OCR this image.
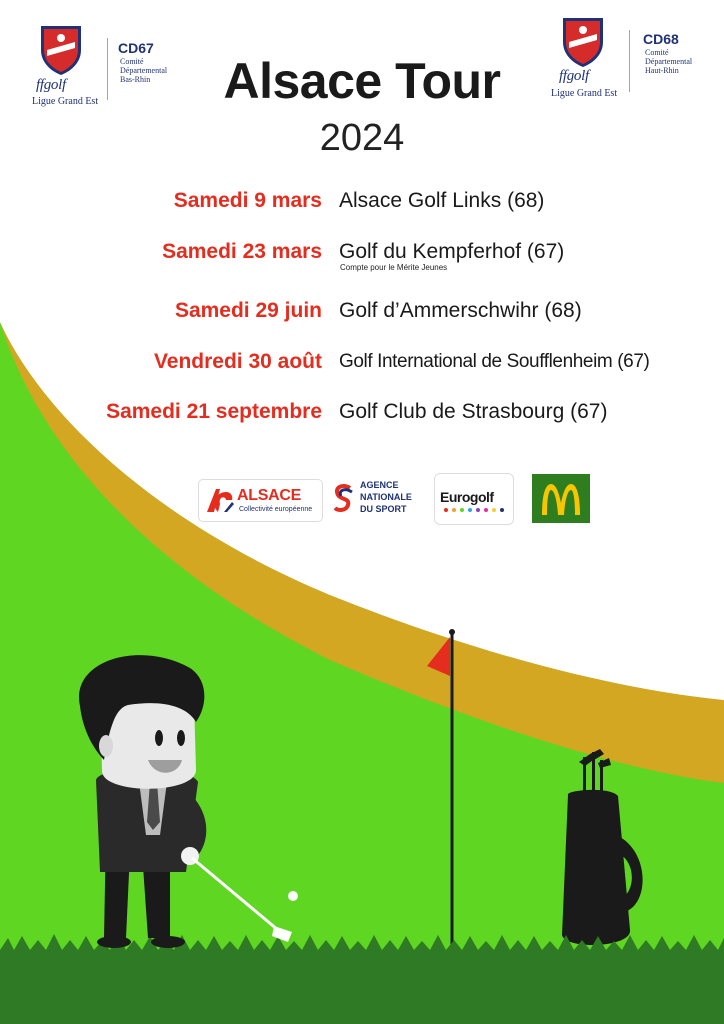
ffgolf
Ligue Grand Est
CD67
Comité
Départemental
Bas-Rhin	ffgolf
Ligue Grand Est
CD68
Comité
Départemental
Haut-Rhin
Alsace Tour
2024
Samedi 9 mars Alsace Golf Links (68)
Samedi 23 mars Golf du Kempferhof (67)
Compte pour le Mérite Jeunes
Samedi 29 juin Golf d’Ammerschwihr (68)
Vendredi 30 août Golf International de Soufflenheim (67)
Samedi 21 septembre Golf Club de Strasbourg (67)
ALSACE
Collectivité européenne
AGENCE
NATIONALE
DU SPORT
Eurogolf
